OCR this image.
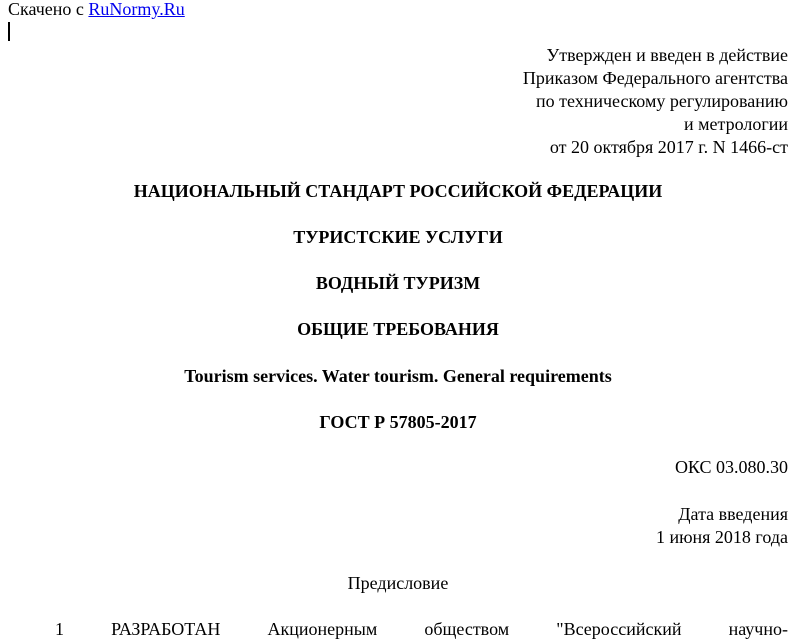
Скачено с RuNormy.Ru
Утвержден и введен в действие
Приказом Федерального агентства
по техническому регулированию
и метрологии
от 20 октября 2017 г. N 1466-ст
НАЦИОНАЛЬНЫЙ СТАНДАРТ РОССИЙСКОЙ ФЕДЕРАЦИИ
ТУРИСТСКИЕ УСЛУГИ
ВОДНЫЙ ТУРИЗМ
ОБЩИЕ ТРЕБОВАНИЯ
Tourism services. Water tourism. General requirements
ГОСТ Р 57805-2017
ОКС 03.080.30
Дата введения
1 июня 2018 года
Предисловие
1	РАЗРАБОТАН	Акционерным	обществом	"Всероссийский	научно-
